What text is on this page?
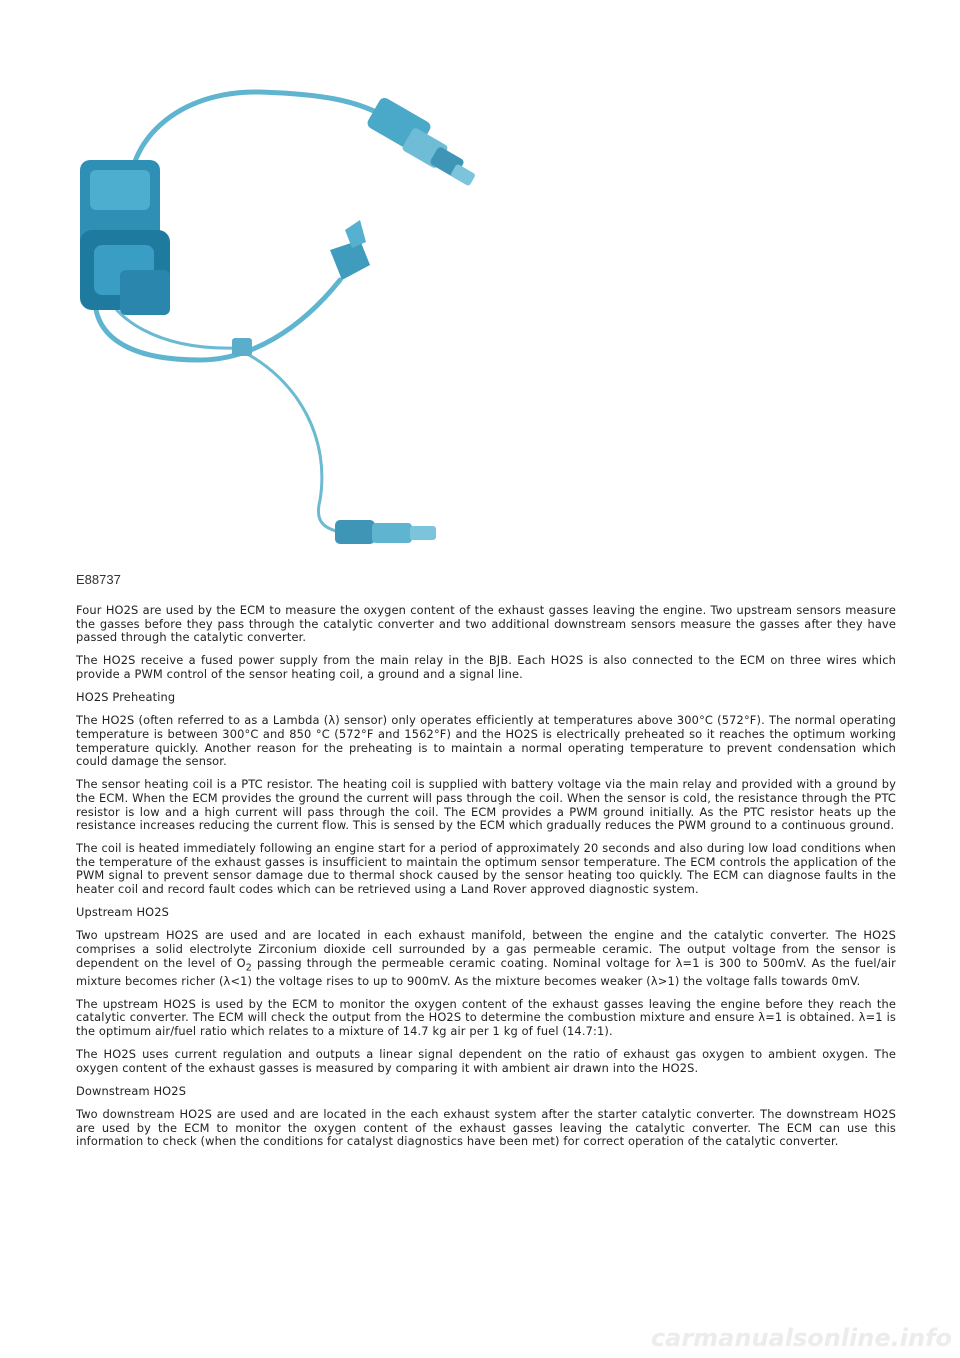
E88737

Four HO2S are used by the ECM to measure the oxygen content of the exhaust gasses leaving the engine. Two upstream sensors measure the gasses before they pass through the catalytic converter and two additional downstream sensors measure the gasses after they have passed through the catalytic converter.

The HO2S receive a fused power supply from the main relay in the BJB. Each HO2S is also connected to the ECM on three wires which provide a PWM control of the sensor heating coil, a ground and a signal line.

HO2S Preheating

The HO2S (often referred to as a Lambda (λ) sensor) only operates efficiently at temperatures above 300°C (572°F). The normal operating temperature is between 300°C and 850 °C (572°F and 1562°F) and the HO2S is electrically preheated so it reaches the optimum working temperature quickly. Another reason for the preheating is to maintain a normal operating temperature to prevent condensation which could damage the sensor.

The sensor heating coil is a PTC resistor. The heating coil is supplied with battery voltage via the main relay and provided with a ground by the ECM. When the ECM provides the ground the current will pass through the coil. When the sensor is cold, the resistance through the PTC resistor is low and a high current will pass through the coil. The ECM provides a PWM ground initially. As the PTC resistor heats up the resistance increases reducing the current flow. This is sensed by the ECM which gradually reduces the PWM ground to a continuous ground.

The coil is heated immediately following an engine start for a period of approximately 20 seconds and also during low load conditions when the temperature of the exhaust gasses is insufficient to maintain the optimum sensor temperature. The ECM controls the application of the PWM signal to prevent sensor damage due to thermal shock caused by the sensor heating too quickly. The ECM can diagnose faults in the heater coil and record fault codes which can be retrieved using a Land Rover approved diagnostic system.

Upstream HO2S

Two upstream HO2S are used and are located in each exhaust manifold, between the engine and the catalytic converter. The HO2S comprises a solid electrolyte Zirconium dioxide cell surrounded by a gas permeable ceramic. The output voltage from the sensor is dependent on the level of $O_2$ passing through the permeable ceramic coating. Nominal voltage for λ=1 is 300 to 500mV. As the fuel/air mixture becomes richer (λ<1) the voltage rises to up to 900mV. As the mixture becomes weaker (λ>1) the voltage falls towards 0mV.

The upstream HO2S is used by the ECM to monitor the oxygen content of the exhaust gasses leaving the engine before they reach the catalytic converter. The ECM will check the output from the HO2S to determine the combustion mixture and ensure λ=1 is obtained. λ=1 is the optimum air/fuel ratio which relates to a mixture of 14.7 kg air per 1 kg of fuel (14.7:1).

The HO2S uses current regulation and outputs a linear signal dependent on the ratio of exhaust gas oxygen to ambient oxygen. The oxygen content of the exhaust gasses is measured by comparing it with ambient air drawn into the HO2S.

Downstream HO2S

Two downstream HO2S are used and are located in the each exhaust system after the starter catalytic converter. The downstream HO2S are used by the ECM to monitor the oxygen content of the exhaust gasses leaving the catalytic converter. The ECM can use this information to check (when the conditions for catalyst diagnostics have been met) for correct operation of the catalytic converter.

carmanualsonline.info
